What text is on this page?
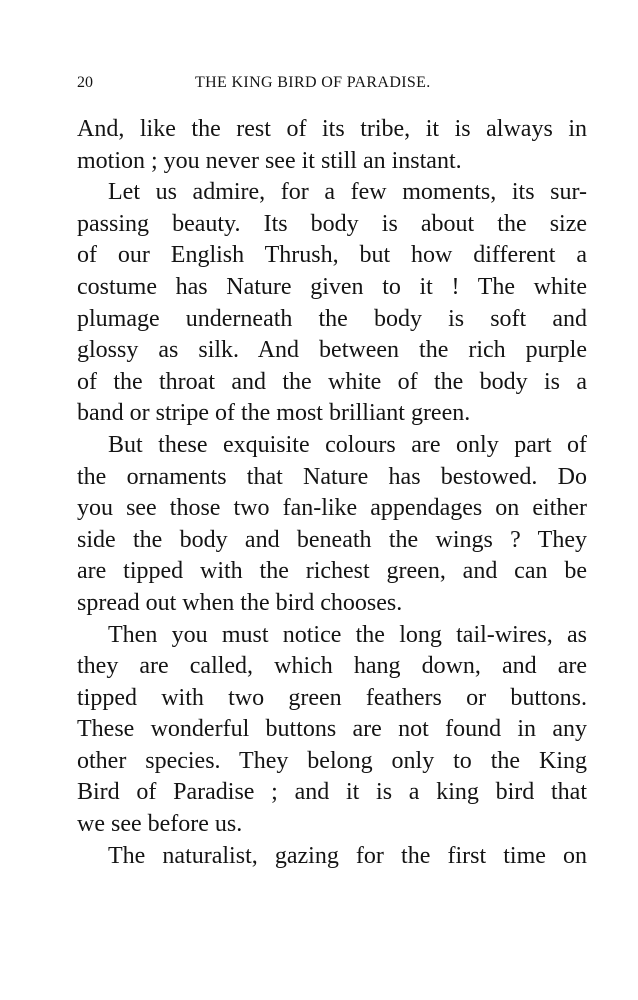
20	THE KING BIRD OF PARADISE.
And, like the rest of its tribe, it is always in
motion ; you never see it still an instant.
Let us admire, for a few moments, its sur-
passing beauty. Its body is about the size
of our English Thrush, but how different a
costume has Nature given to it ! The white
plumage underneath the body is soft and
glossy as silk. And between the rich purple
of the throat and the white of the body is a
band or stripe of the most brilliant green.
But these exquisite colours are only part of
the ornaments that Nature has bestowed. Do
you see those two fan-like appendages on either
side the body and beneath the wings ? They
are tipped with the richest green, and can be
spread out when the bird chooses.
Then you must notice the long tail-wires, as
they are called, which hang down, and are
tipped with two green feathers or buttons.
These wonderful buttons are not found in any
other species. They belong only to the King
Bird of Paradise ; and it is a king bird that
we see before us.
The naturalist, gazing for the first time on
